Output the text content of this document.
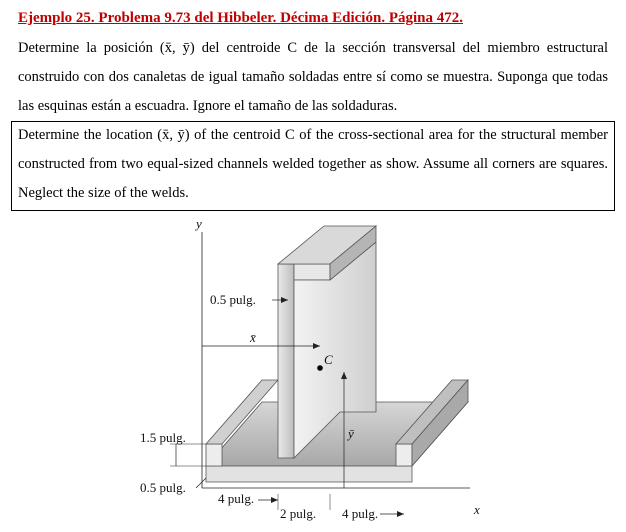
Ejemplo 25. Problema 9.73 del Hibbeler. Décima Edición. Página 472.
Determine la posición (x̄, ȳ) del centroide C de la sección transversal del miembro estructural construido con dos canaletas de igual tamaño soldadas entre sí como se muestra. Suponga que todas las esquinas están a escuadra. Ignore el tamaño de las soldaduras.
Determine the location (x̄, ȳ) of the centroid C of the cross-sectional area for the structural member constructed from two equal-sized channels welded together as show. Assume all corners are squares. Neglect the size of the welds.
y
x
x̄
C
ȳ
0.5 pulg.
1.5 pulg.
0.5 pulg.
4 pulg.
2 pulg. 4 pulg.
